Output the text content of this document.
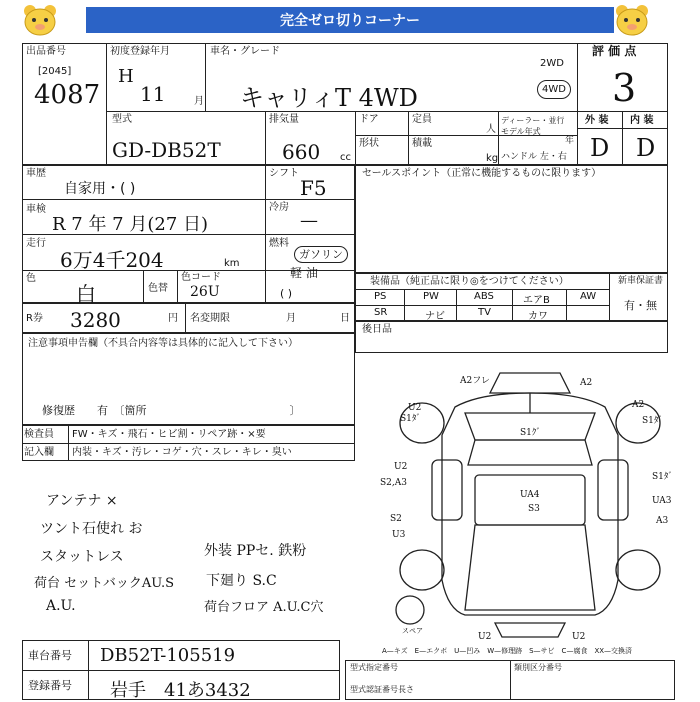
完全ゼロ切りコーナー
出品番号
[2045]
4087
初度登録年月
H
11	月
車名・グレード
キャリィT 4WD
2WD
4WD
評 価 点
3
型式
GD-DB52T
排気量
660 cc
ドア	定員
人
形状	積載
kg
ディーラー・並行
モデル年式
年
ハンドル 左・右
外 装 内 装
D D
車歴
自家用・( )
シフト
F5
車検
R 7 年 7 月(27 日)
冷房
—
走行
6万4千204	km
燃料
ガソリン
軽 油
( )
色
白	色替
色コード
26U
R券 3280	円 名変期限	月	日
セールスポイント（正常に機能するものに限ります）
装備品（純正品に限り◎をつけてください）	新車保証書
有・無
PS	PW	ABS	エアB	AW
SR	ナビ	TV	カワ
後日品
注意事項申告欄（不具合内容等は具体的に記入して下さい）
修復歴　　有　〔箇所　　　　　　　　　　　　　〕
検査員 FW・キズ・飛石・ヒビ割・リペア跡・×要
記入欄 内装・キズ・汚レ・コゲ・穴・スレ・キレ・臭い
アンテナ ×
ツント石使れ お
スタットレス
荷台 セットバックAU.S
A.U.
外装 PPセ. 鉄粉
下廻り S.C
荷台フロア A.U.C穴
A2フレ	A2
U2
S1ﾀﾞ
S1ｸﾞ
A2
S1ﾀﾞ
S2,A3
U2
S1ﾀﾞ
UA4
S3
UA3
S2
U3
A3
スペア
U2	U2
A—キズ　E—エクボ　U—凹み　W—修理跡　S—サビ　C—腐食　XX—交換済
車台番号 DB52T-105519
登録番号 岩手　41あ3432
型式指定番号	類別区分番号
型式認証番号 長さ
